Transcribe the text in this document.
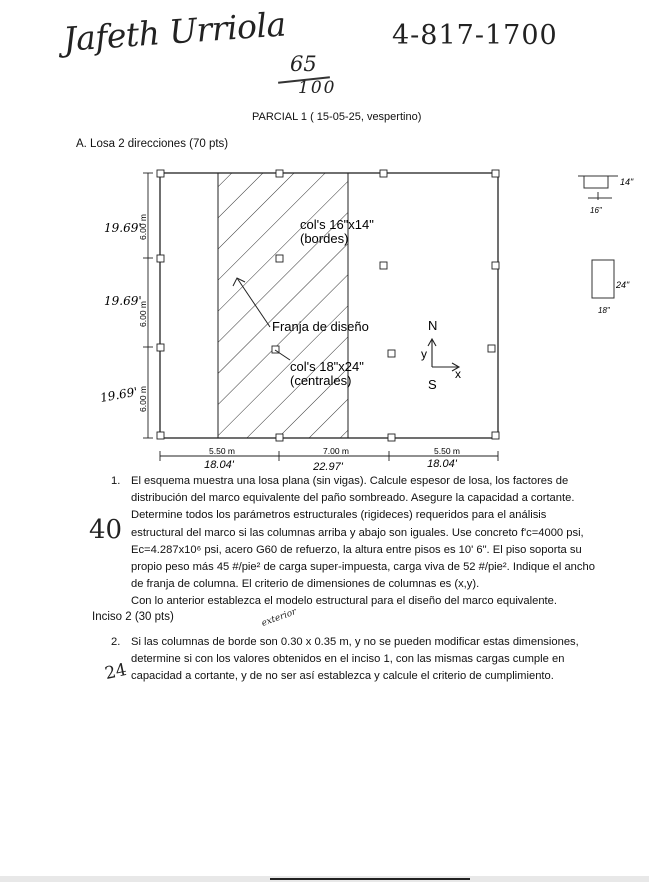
Jafeth Urriola	4-817-1700
65
100
PARCIAL 1 ( 15-05-25, vespertino)
A. Losa 2 direcciones (70 pts)
6.00 m
6.00 m
6.00 m
19.69'
19.69'
19.69'
5.50 m	7.00 m	5.50 m
18.04'	22.97'	18.04'
col's 16"x14"
(bordes)
Franja de diseño
col's 18"x24"
(centrales)
N
y
x
S
14"
16"
24"
18"
1.
40
El esquema muestra una losa plana (sin vigas). Calcule espesor de losa, los factores de
distribución del marco equivalente del paño sombreado. Asegure la capacidad a cortante.
Determine todos los parámetros estructurales (rigideces) requeridos para el análisis
estructural del marco si las columnas arriba y abajo son iguales. Use concreto f'c=4000 psi,
Ec=4.287x10⁶ psi, acero G60 de refuerzo, la altura entre pisos es 10' 6". El piso soporta su
propio peso más 45 #/pie² de carga super-impuesta, carga viva de 52 #/pie². Indique el ancho
de franja de columna. El criterio de dimensiones de columnas es (x,y).
Con lo anterior establezca el modelo estructural para el diseño del marco equivalente.
Inciso 2 (30 pts)	exterior
2.
24
Si las columnas de borde son 0.30 x 0.35 m, y no se pueden modificar estas dimensiones,
determine si con los valores obtenidos en el inciso 1, con las mismas cargas cumple en
capacidad a cortante, y de no ser así establezca y calcule el criterio de cumplimiento.
